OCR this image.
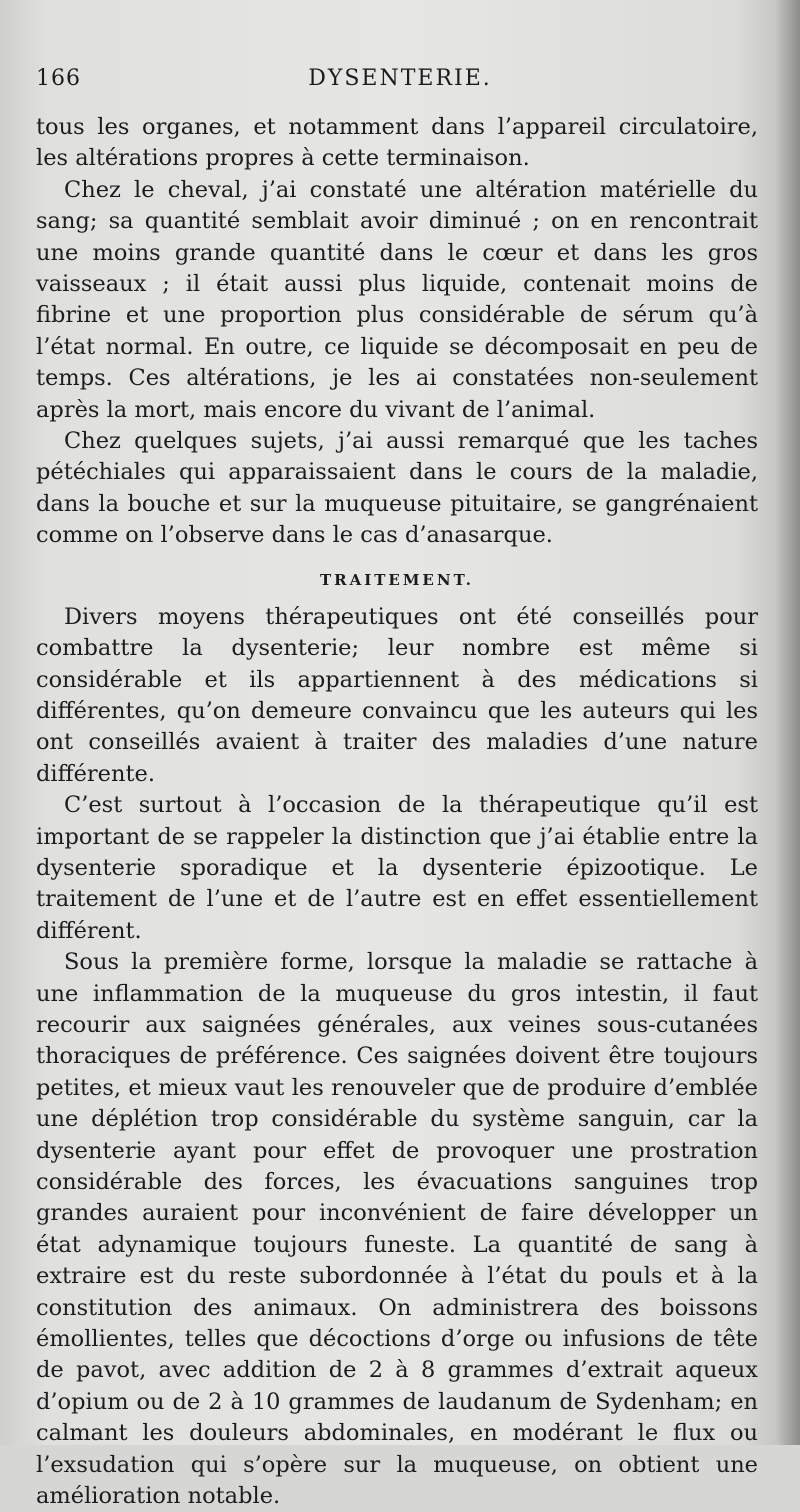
166	DYSENTERIE.

tous les organes, et notamment dans l’appareil circulatoire, les altérations propres à cette terminaison.

Chez le cheval, j’ai constaté une altération matérielle du sang; sa quantité semblait avoir diminué ; on en rencontrait une moins grande quantité dans le cœur et dans les gros vaisseaux ; il était aussi plus liquide, contenait moins de fibrine et une proportion plus considérable de sérum qu’à l’état normal. En outre, ce liquide se décomposait en peu de temps. Ces altérations, je les ai constatées non-seulement après la mort, mais encore du vivant de l’animal.

Chez quelques sujets, j’ai aussi remarqué que les taches pétéchiales qui apparaissaient dans le cours de la maladie, dans la bouche et sur la muqueuse pituitaire, se gangrénaient comme on l’observe dans le cas d’anasarque.

TRAITEMENT.

Divers moyens thérapeutiques ont été conseillés pour combattre la dysenterie; leur nombre est même si considérable et ils appartiennent à des médications si différentes, qu’on demeure convaincu que les auteurs qui les ont conseillés avaient à traiter des maladies d’une nature différente.

C’est surtout à l’occasion de la thérapeutique qu’il est important de se rappeler la distinction que j’ai établie entre la dysenterie sporadique et la dysenterie épizootique. Le traitement de l’une et de l’autre est en effet essentiellement différent.

Sous la première forme, lorsque la maladie se rattache à une inflammation de la muqueuse du gros intestin, il faut recourir aux saignées générales, aux veines sous-cutanées thoraciques de préférence. Ces saignées doivent être toujours petites, et mieux vaut les renouveler que de produire d’emblée une déplétion trop considérable du système sanguin, car la dysenterie ayant pour effet de provoquer une prostration considérable des forces, les évacuations sanguines trop grandes auraient pour inconvénient de faire développer un état adynamique toujours funeste. La quantité de sang à extraire est du reste subordonnée à l’état du pouls et à la constitution des animaux. On administrera des boissons émollientes, telles que décoctions d’orge ou infusions de tête de pavot, avec addition de 2 à 8 grammes d’extrait aqueux d’opium ou de 2 à 10 grammes de laudanum de Sydenham; en calmant les douleurs abdominales, en modérant le flux ou l’exsudation qui s’opère sur la muqueuse, on obtient une amélioration notable.
